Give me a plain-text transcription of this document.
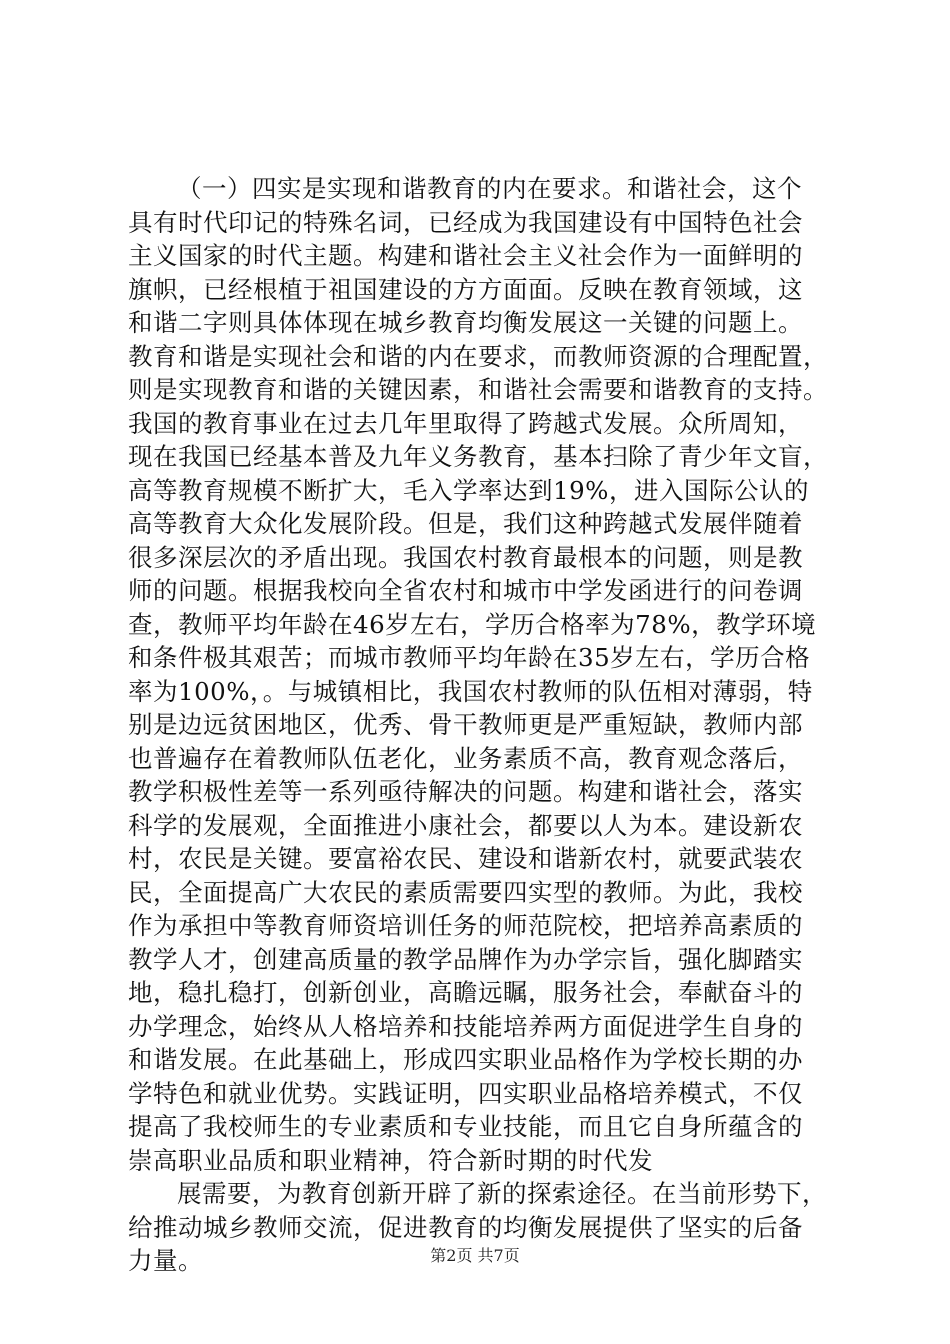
（一）四实是实现和谐教育的内在要求。和谐社会，这个
具有时代印记的特殊名词，已经成为我国建设有中国特色社会
主义国家的时代主题。构建和谐社会主义社会作为一面鲜明的
旗帜，已经根植于祖国建设的方方面面。反映在教育领域，这
和谐二字则具体体现在城乡教育均衡发展这一关键的问题上。
教育和谐是实现社会和谐的内在要求，而教师资源的合理配置，
则是实现教育和谐的关键因素，和谐社会需要和谐教育的支持。
我国的教育事业在过去几年里取得了跨越式发展。众所周知，
现在我国已经基本普及九年义务教育，基本扫除了青少年文盲，
高等教育规模不断扩大，毛入学率达到19%，进入国际公认的
高等教育大众化发展阶段。但是，我们这种跨越式发展伴随着
很多深层次的矛盾出现。我国农村教育最根本的问题，则是教
师的问题。根据我校向全省农村和城市中学发函进行的问卷调
查，教师平均年龄在46岁左右，学历合格率为78%，教学环境
和条件极其艰苦；而城市教师平均年龄在35岁左右，学历合格
率为100%，。与城镇相比，我国农村教师的队伍相对薄弱，特
别是边远贫困地区，优秀、骨干教师更是严重短缺，教师内部
也普遍存在着教师队伍老化，业务素质不高，教育观念落后，
教学积极性差等一系列亟待解决的问题。构建和谐社会，落实
科学的发展观，全面推进小康社会，都要以人为本。建设新农
村，农民是关键。要富裕农民、建设和谐新农村，就要武装农
民，全面提高广大农民的素质需要四实型的教师。为此，我校
作为承担中等教育师资培训任务的师范院校，把培养高素质的
教学人才，创建高质量的教学品牌作为办学宗旨，强化脚踏实
地，稳扎稳打，创新创业，高瞻远瞩，服务社会，奉献奋斗的
办学理念，始终从人格培养和技能培养两方面促进学生自身的
和谐发展。在此基础上，形成四实职业品格作为学校长期的办
学特色和就业优势。实践证明，四实职业品格培养模式，不仅
提高了我校师生的专业素质和专业技能，而且它自身所蕴含的
崇高职业品质和职业精神，符合新时期的时代发
展需要，为教育创新开辟了新的探索途径。在当前形势下，
给推动城乡教师交流，促进教育的均衡发展提供了坚实的后备
力量。	第2页 共7页
